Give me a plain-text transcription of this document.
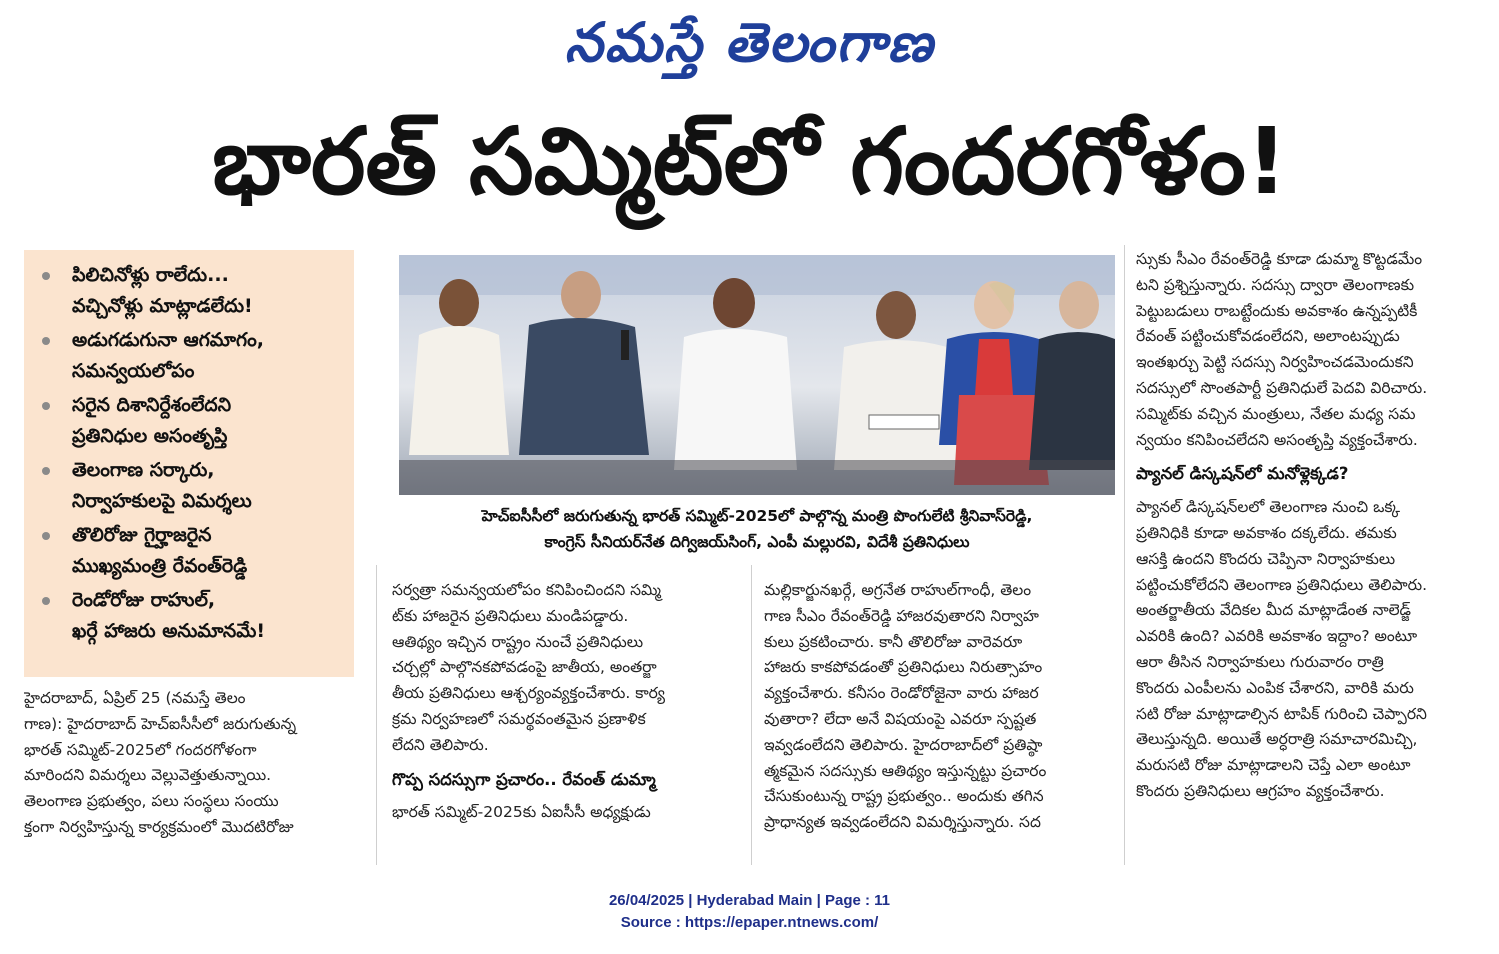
నమస్తే తెలంగాణ
భారత్ సమ్మిట్‌లో గందరగోళం!
పిలిచినోళ్లు రాలేదు...
వచ్చినోళ్లు మాట్లాడలేదు!
అడుగడుగునా ఆగమాగం,
సమన్వయలోపం
సరైన దిశానిర్దేశంలేదని
ప్రతినిధుల అసంతృప్తి
తెలంగాణ సర్కారు,
నిర్వాహకులపై విమర్శలు
తొలిరోజు గైర్హాజరైన
ముఖ్యమంత్రి రేవంత్‌రెడ్డి
రెండోరోజు రాహుల్,
ఖర్గే హాజరు అనుమానమే!
హెచ్ఐసీసీలో జరుగుతున్న భారత్ సమ్మిట్-2025లో పాల్గొన్న మంత్రి పొంగులేటి శ్రీనివాస్‌రెడ్డి,
కాంగ్రెస్ సీనియర్‌నేత దిగ్విజయ్‌సింగ్, ఎంపీ మల్లురవి, విదేశీ ప్రతినిధులు
హైదరాబాద్, ఏప్రిల్ 25 (నమస్తే తెలం
గాణ): హైదరాబాద్ హెచ్ఐసీసీలో జరుగుతున్న
భారత్ సమ్మిట్-2025లో గందరగోళంగా
మారిందని విమర్శలు వెల్లువెత్తుతున్నాయి.
తెలంగాణ ప్రభుత్వం, పలు సంస్థలు సంయు
క్తంగా నిర్వహిస్తున్న కార్యక్రమంలో మొదటిరోజు
సర్వత్రా సమన్వయలోపం కనిపించిందని సమ్మి
ట్‌కు హాజరైన ప్రతినిధులు మండిపడ్డారు.
ఆతిథ్యం ఇచ్చిన రాష్ట్రం నుంచే ప్రతినిధులు
చర్చల్లో పాల్గొనకపోవడంపై జాతీయ, అంతర్జా
తీయ ప్రతినిధులు ఆశ్చర్యంవ్యక్తంచేశారు. కార్య
క్రమ నిర్వహణలో సమర్థవంతమైన ప్రణాళిక
లేదని తెలిపారు.
గొప్ప సదస్సుగా ప్రచారం.. రేవంత్ డుమ్మా
భారత్ సమ్మిట్-2025కు ఏఐసీసీ అధ్యక్షుడు
మల్లికార్జునఖర్గే, అగ్రనేత రాహుల్‌గాంధీ, తెలం
గాణ సీఎం రేవంత్‌రెడ్డి హాజరవుతారని నిర్వాహ
కులు ప్రకటించారు. కానీ తొలిరోజు వారెవరూ
హాజరు కాకపోవడంతో ప్రతినిధులు నిరుత్సాహం
వ్యక్తంచేశారు. కనీసం రెండోరోజైనా వారు హాజర
వుతారా? లేదా అనే విషయంపై ఎవరూ స్పష్టత
ఇవ్వడంలేదని తెలిపారు. హైదరాబాద్‌లో ప్రతిష్ఠా
త్మకమైన సదస్సుకు ఆతిథ్యం ఇస్తున్నట్టు ప్రచారం
చేసుకుంటున్న రాష్ట్ర ప్రభుత్వం.. అందుకు తగిన
ప్రాధాన్యత ఇవ్వడంలేదని విమర్శిస్తున్నారు. సద
స్సుకు సీఎం రేవంత్‌రెడ్డి కూడా డుమ్మా కొట్టడమేం
టని ప్రశ్నిస్తున్నారు. సదస్సు ద్వారా తెలంగాణకు
పెట్టుబడులు రాబట్టేందుకు అవకాశం ఉన్నప్పటికీ
రేవంత్ పట్టించుకోవడంలేదని, అలాంటప్పుడు
ఇంతఖర్చు పెట్టి సదస్సు నిర్వహించడమెందుకని
సదస్సులో సొంతపార్టీ ప్రతినిధులే పెదవి విరిచారు.
సమ్మిట్‌కు వచ్చిన మంత్రులు, నేతల మధ్య సమ
న్వయం కనిపించలేదని అసంతృప్తి వ్యక్తంచేశారు.
ప్యానల్ డిస్కషన్‌లో మనోళ్లెక్కడ?
ప్యానల్ డిస్కషన్‌లలో తెలంగాణ నుంచి ఒక్క
ప్రతినిధికి కూడా అవకాశం దక్కలేదు. తమకు
ఆసక్తి ఉందని కొందరు చెప్పినా నిర్వాహకులు
పట్టించుకోలేదని తెలంగాణ ప్రతినిధులు తెలిపారు.
అంతర్జాతీయ వేదికల మీద మాట్లాడేంత నాలెడ్జ్
ఎవరికి ఉంది? ఎవరికి అవకాశం ఇద్దాం? అంటూ
ఆరా తీసిన నిర్వాహకులు గురువారం రాత్రి
కొందరు ఎంపీలను ఎంపిక చేశారని, వారికి మరు
సటి రోజు మాట్లాడాల్సిన టాపిక్ గురించి చెప్పారని
తెలుస్తున్నది. అయితే అర్ధరాత్రి సమాచారమిచ్చి,
మరుసటి రోజు మాట్లాడాలని చెప్తే ఎలా అంటూ
కొందరు ప్రతినిధులు ఆగ్రహం వ్యక్తంచేశారు.
26/04/2025 | Hyderabad Main | Page : 11
Source : https://epaper.ntnews.com/
